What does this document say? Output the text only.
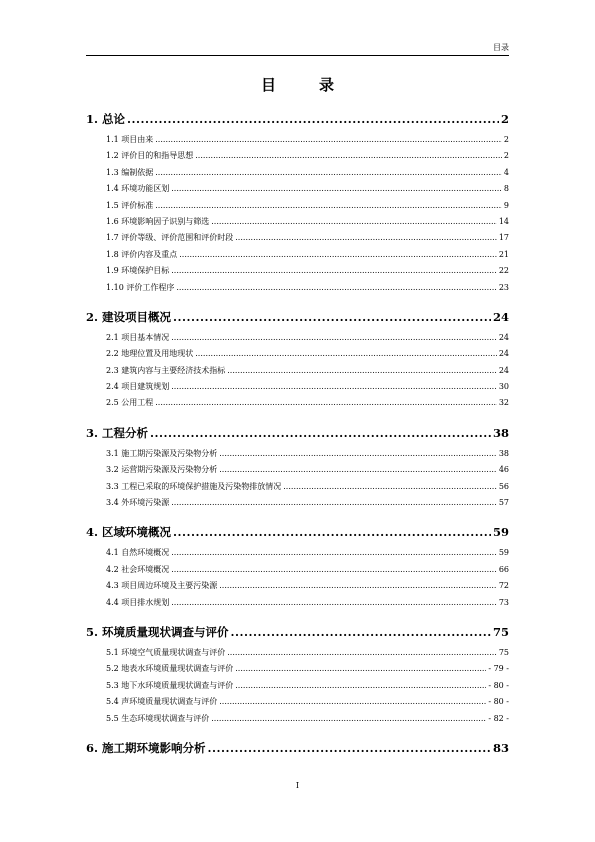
目录
目　录
1. 总论 .....	2
1.1 项目由来 .....	2
1.2 评价目的和指导思想 .....	2
1.3 编制依据 .....	4
1.4 环境功能区划 .....	8
1.5 评价标准 .....	9
1.6 环境影响因子识别与筛选 .....	14
1.7 评价等级、评价范围和评价时段 .....	17
1.8 评价内容及重点 .....	21
1.9 环境保护目标 .....	22
1.10 评价工作程序 .....	23
2. 建设项目概况 .....	24
2.1 项目基本情况 .....	24
2.2 地理位置及用地现状 .....	24
2.3 建筑内容与主要经济技术指标 .....	24
2.4 项目建筑规划 .....	30
2.5 公用工程 .....	32
3. 工程分析 .....	38
3.1 施工期污染源及污染物分析 .....	38
3.2 运营期污染源及污染物分析 .....	46
3.3 工程已采取的环境保护措施及污染物排放情况 .....	56
3.4 外环境污染源 .....	57
4. 区域环境概况 .....	59
4.1 自然环境概况 .....	59
4.2 社会环境概况 .....	66
4.3 项目周边环境及主要污染源 .....	72
4.4 项目排水规划 .....	73
5. 环境质量现状调查与评价 .....	75
5.1 环境空气质量现状调查与评价 .....	75
5.2 地表水环境质量现状调查与评价 .....	- 79 -
5.3 地下水环境质量现状调查与评价 .....	- 80 -
5.4 声环境质量现状调查与评价 .....	- 80 -
5.5 生态环境现状调查与评价 .....	- 82 -
6. 施工期环境影响分析 .....	83
I
